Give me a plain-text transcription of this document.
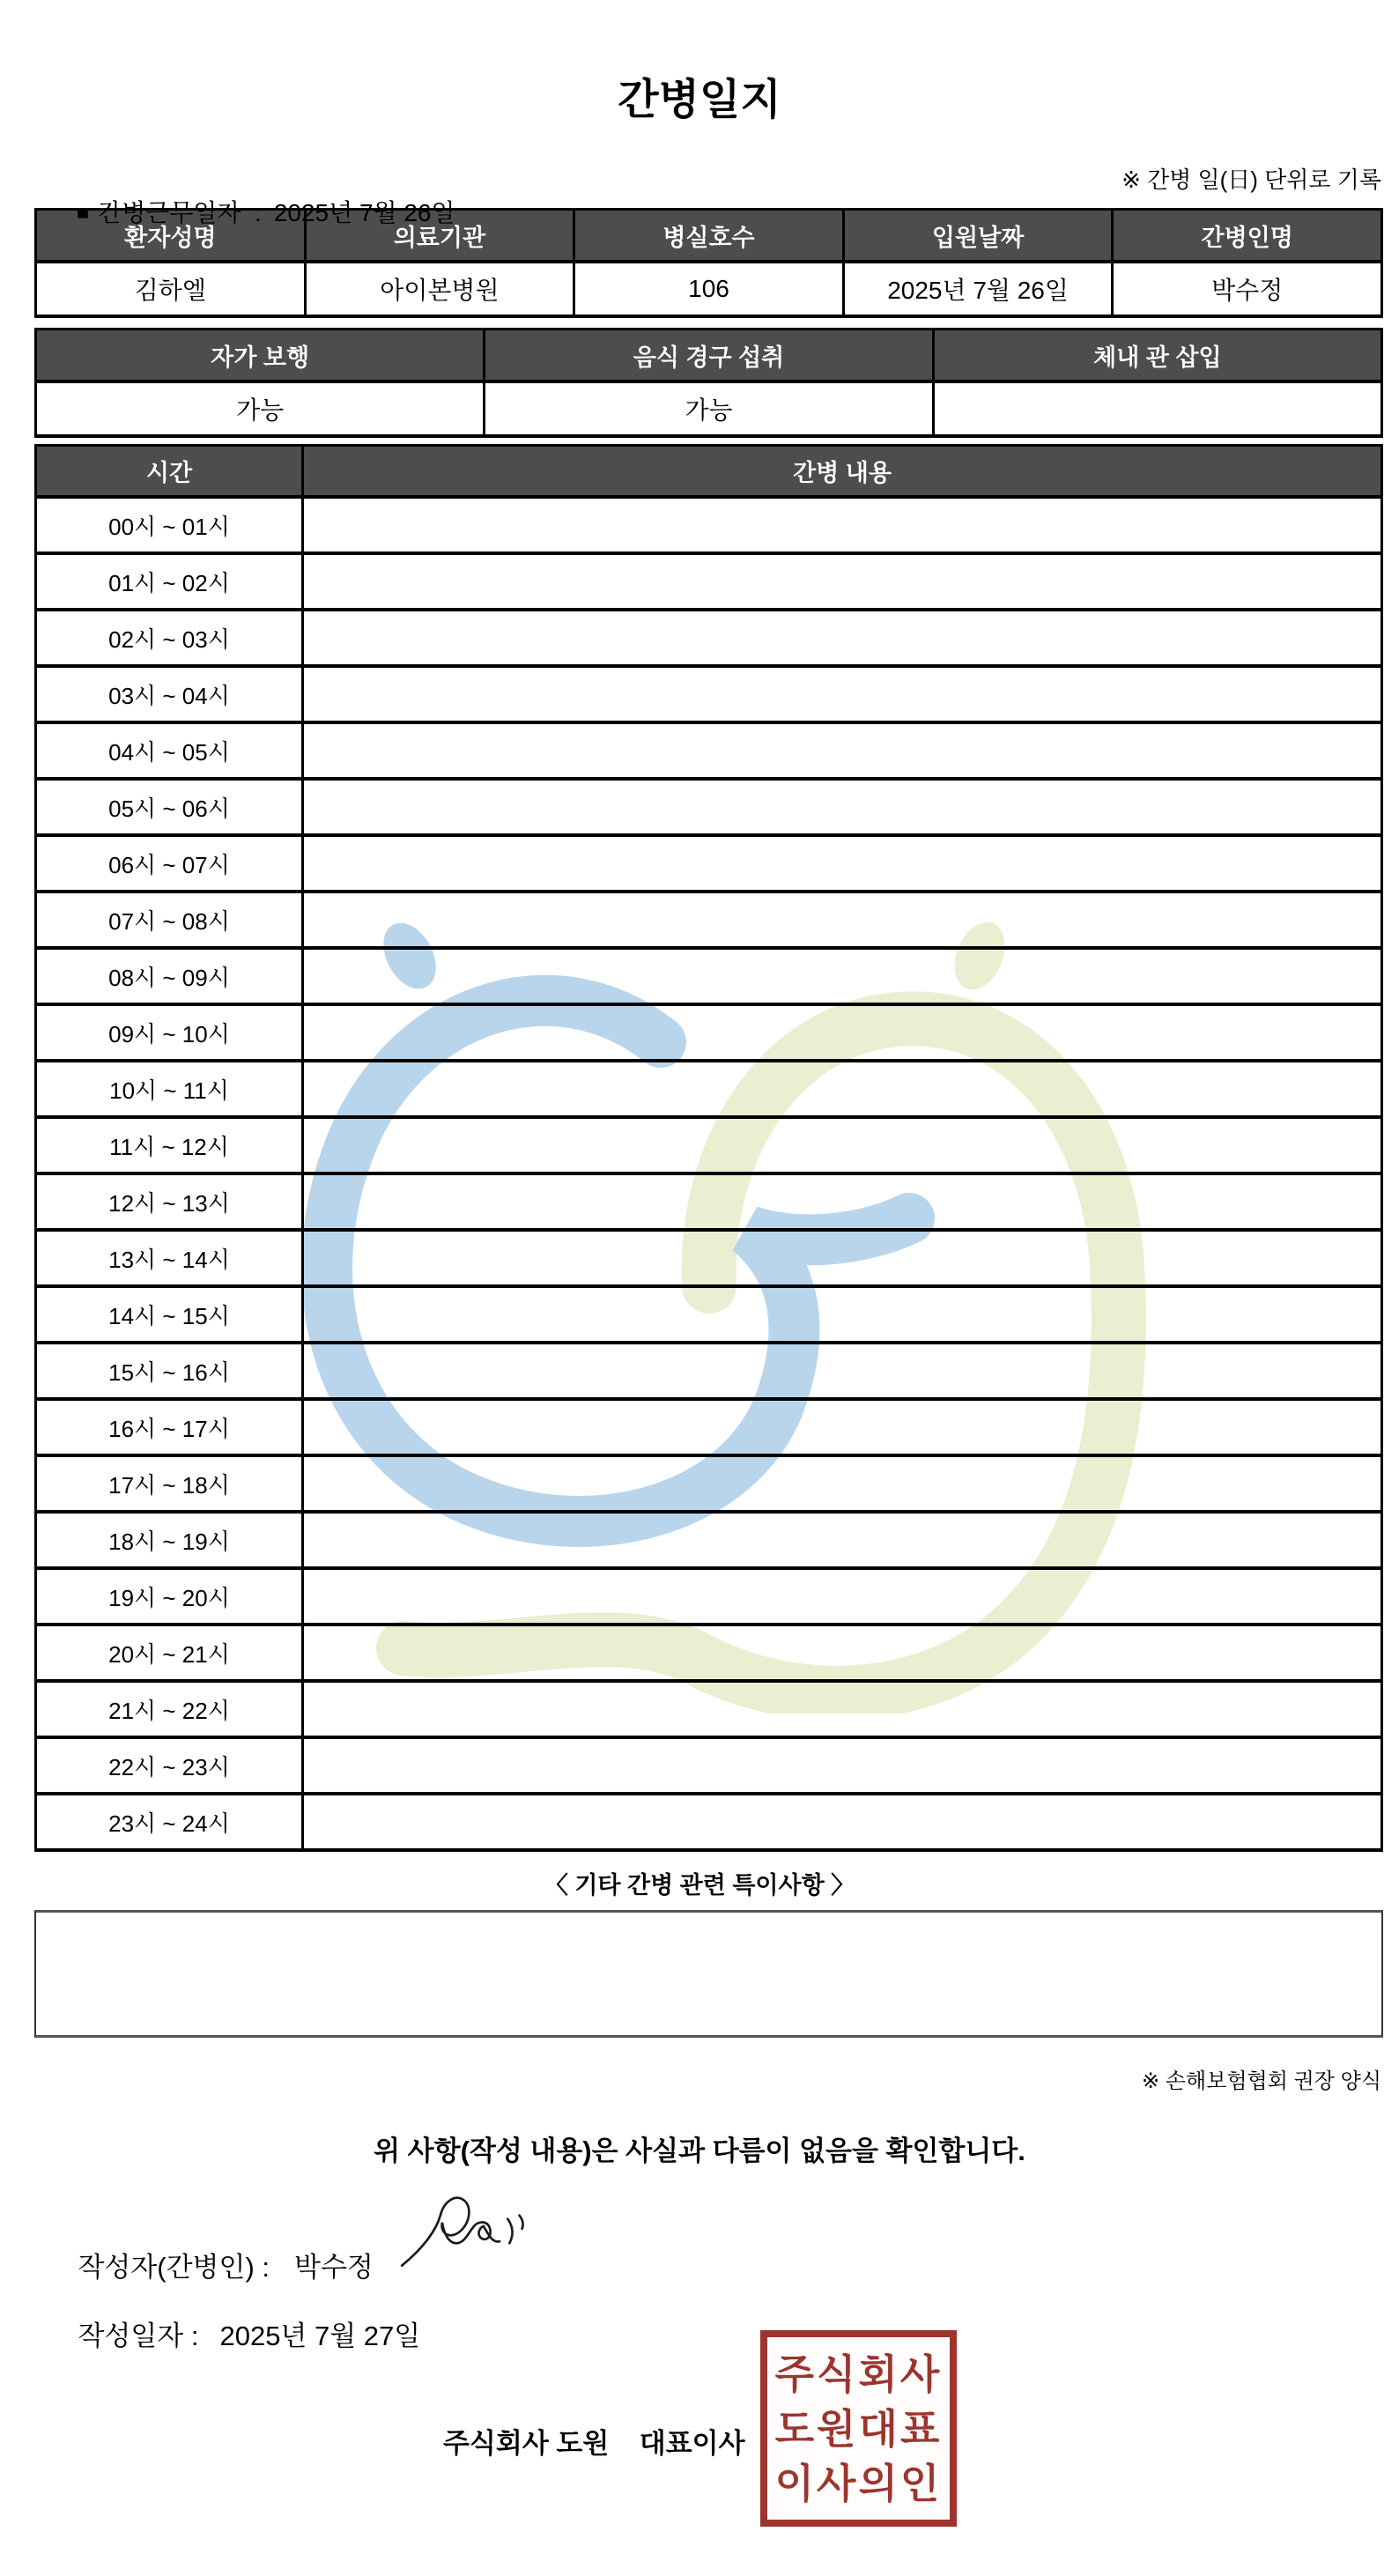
간병일지

■ 간병근무일자  : 2025년 7월 26일

※ 간병 일(日) 단위로 기록
환자성명	의료기관	병실호수	입원날짜	간병인명
김하엘	아이본병원	106	2025년 7월 26일	박수정
자가 보행	음식 경구 섭취	체내 관 삽입
가능	가능	
시간	간병 내용
00시 ~ 01시	
01시 ~ 02시	
02시 ~ 03시	
03시 ~ 04시	
04시 ~ 05시	
05시 ~ 06시	
06시 ~ 07시	
07시 ~ 08시	
08시 ~ 09시	
09시 ~ 10시	
10시 ~ 11시	
11시 ~ 12시	
12시 ~ 13시	
13시 ~ 14시	
14시 ~ 15시	
15시 ~ 16시	
16시 ~ 17시	
17시 ~ 18시	
18시 ~ 19시	
19시 ~ 20시	
20시 ~ 21시	
21시 ~ 22시	
22시 ~ 23시	
23시 ~ 24시	
〈 기타 간병 관련 특이사항 〉
※ 손해보험협회 권장 양식
위 사항(작성 내용)은 사실과 다름이 없음을 확인합니다.

작성자(간병인) : 박수정

작성일자 : 2025년 7월 27일

주식회사 도원    대표이사
주식회사
도원대표
이사의인
